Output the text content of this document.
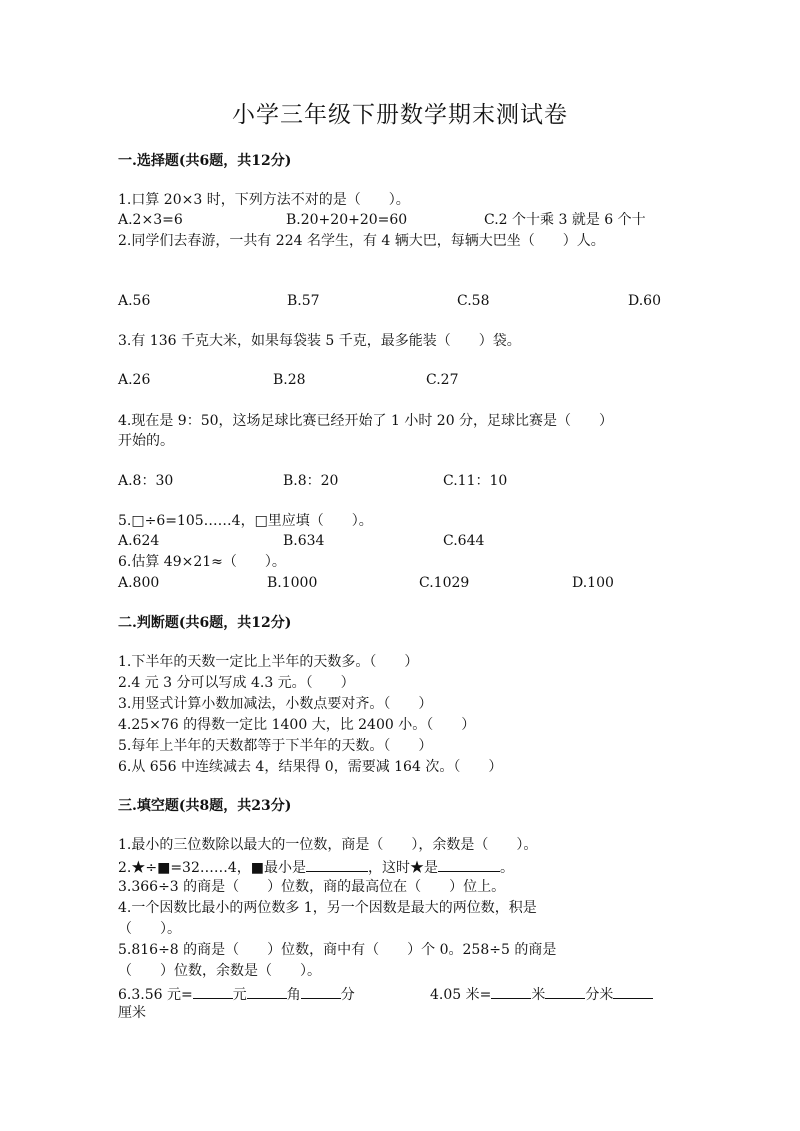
小学三年级下册数学期末测试卷
一.选择题(共6题，共12分)
1.口算 20×3 时，下列方法不对的是（　　）。
A.2×3=6	B.20+20+20=60	C.2 个十乘 3 就是 6 个十
2.同学们去春游，一共有 224 名学生，有 4 辆大巴，每辆大巴坐（　　）人。
A.56	B.57	C.58	D.60
3.有 136 千克大米，如果每袋装 5 千克，最多能装（　　）袋。
A.26	B.28	C.27
4.现在是 9：50，这场足球比赛已经开始了 1 小时 20 分，足球比赛是（　　）
开始的。
A.8：30	B.8：20	C.11：10
5.□÷6=105……4，□里应填（　　）。
A.624	B.634	C.644
6.估算 49×21≈（　　）。
A.800	B.1000	C.1029	D.100
二.判断题(共6题，共12分)
1.下半年的天数一定比上半年的天数多。（　　）
2.4 元 3 分可以写成 4.3 元。（　　）
3.用竖式计算小数加减法，小数点要对齐。（　　）
4.25×76 的得数一定比 1400 大，比 2400 小。（　　）
5.每年上半年的天数都等于下半年的天数。（　　）
6.从 656 中连续减去 4，结果得 0，需要减 164 次。（　　）
三.填空题(共8题，共23分)
1.最小的三位数除以最大的一位数，商是（　　），余数是（　　）。
2.★÷■=32……4，■最小是	，这时★是	。
3.366÷3 的商是（　　）位数，商的最高位在（　　）位上。
4.一个因数比最小的两位数多 1，另一个因数是最大的两位数，积是
（　　）。
5.816÷8 的商是（　　）位数，商中有（　　）个 0。258÷5 的商是
（　　）位数，余数是（　　）。
6.3.56 元=	元	角	分	4.05 米=	米	分米
厘米
